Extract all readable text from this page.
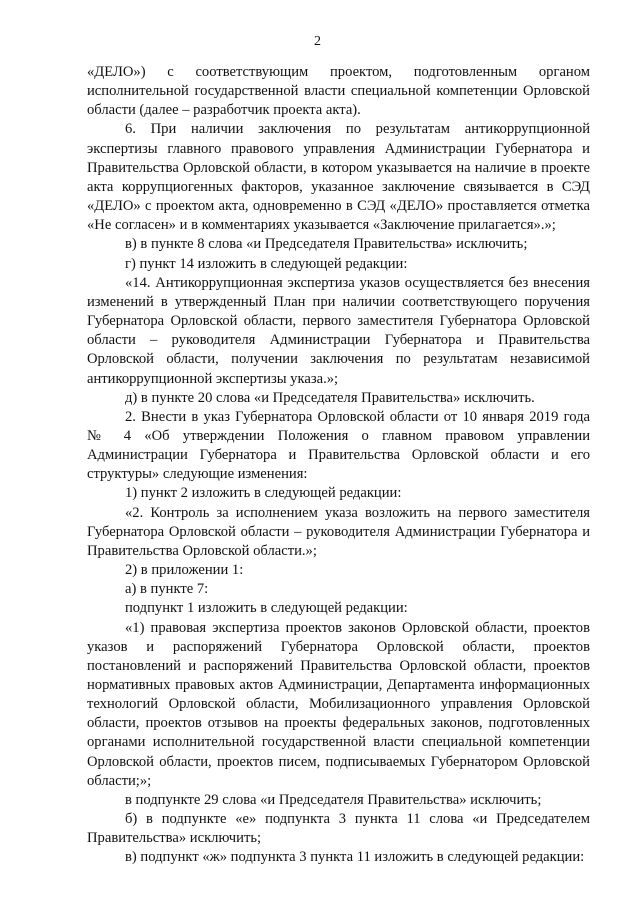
2

«ДЕЛО») с соответствующим проектом, подготовленным органом исполнительной государственной власти специальной компетенции Орловской области (далее – разработчик проекта акта).

6. При наличии заключения по результатам антикоррупционной экспертизы главного правового управления Администрации Губернатора и Правительства Орловской области, в котором указывается на наличие в проекте акта коррупциогенных факторов, указанное заключение связывается в СЭД «ДЕЛО» с проектом акта, одновременно в СЭД «ДЕЛО» проставляется отметка «Не согласен» и в комментариях указывается «Заключение прилагается».»;

в) в пункте 8 слова «и Председателя Правительства» исключить;

г) пункт 14 изложить в следующей редакции:

«14. Антикоррупционная экспертиза указов осуществляется без внесения изменений в утвержденный План при наличии соответствующего поручения Губернатора Орловской области, первого заместителя Губернатора Орловской области – руководителя Администрации Губернатора и Правительства Орловской области, получении заключения по результатам независимой антикоррупционной экспертизы указа.»;

д) в пункте 20 слова «и Председателя Правительства» исключить.

2. Внести в указ Губернатора Орловской области от 10 января 2019 года № 4 «Об утверждении Положения о главном правовом управлении Администрации Губернатора и Правительства Орловской области и его структуры» следующие изменения:

1) пункт 2 изложить в следующей редакции:

«2. Контроль за исполнением указа возложить на первого заместителя Губернатора Орловской области – руководителя Администрации Губернатора и Правительства Орловской области.»;

2) в приложении 1:

а) в пункте 7:

подпункт 1 изложить в следующей редакции:

«1) правовая экспертиза проектов законов Орловской области, проектов указов и распоряжений Губернатора Орловской области, проектов постановлений и распоряжений Правительства Орловской области, проектов нормативных правовых актов Администрации, Департамента информационных технологий Орловской области, Мобилизационного управления Орловской области, проектов отзывов на проекты федеральных законов, подготовленных органами исполнительной государственной власти специальной компетенции Орловской области, проектов писем, подписываемых Губернатором Орловской области;»;

в подпункте 29 слова «и Председателя Правительства» исключить;

б) в подпункте «е» подпункта 3 пункта 11 слова «и Председателем Правительства» исключить;

в) подпункт «ж» подпункта 3 пункта 11 изложить в следующей редакции:
